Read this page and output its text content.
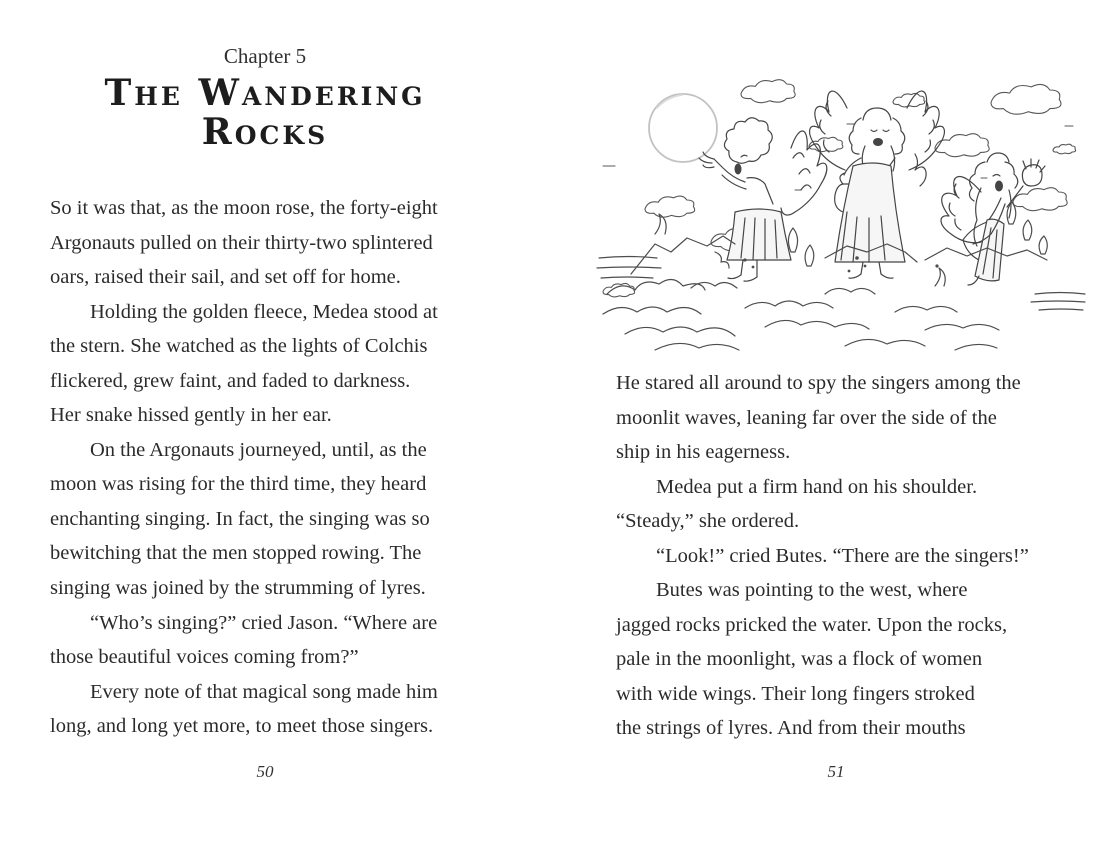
Chapter 5
The Wandering
Rocks
So it was that, as the moon rose, the forty-eight
Argonauts pulled on their thirty-two splintered
oars, raised their sail, and set off for home.
Holding the golden fleece, Medea stood at
the stern. She watched as the lights of Colchis
flickered, grew faint, and faded to darkness.
Her snake hissed gently in her ear.
On the Argonauts journeyed, until, as the
moon was rising for the third time, they heard
enchanting singing. In fact, the singing was so
bewitching that the men stopped rowing. The
singing was joined by the strumming of lyres.
“Who’s singing?” cried Jason. “Where are
those beautiful voices coming from?”
Every note of that magical song made him
long, and long yet more, to meet those singers.
50
He stared all around to spy the singers among the
moonlit waves, leaning far over the side of the
ship in his eagerness.
Medea put a firm hand on his shoulder.
“Steady,” she ordered.
“Look!” cried Butes. “There are the singers!”
Butes was pointing to the west, where
jagged rocks pricked the water. Upon the rocks,
pale in the moonlight, was a flock of women
with wide wings. Their long fingers stroked
the strings of lyres. And from their mouths
51
